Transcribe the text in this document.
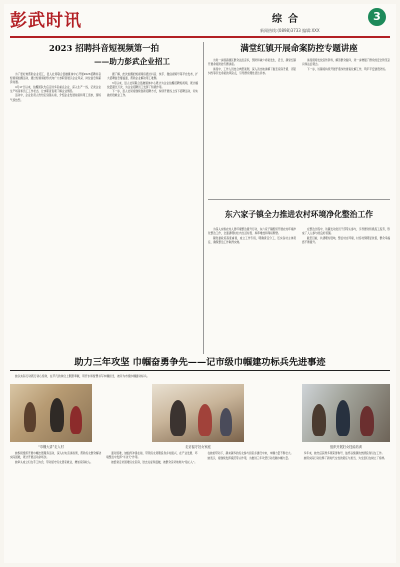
彭武时讯	综合	3
新闻热线:(0898)3733 编辑:XXX
2023 招聘抖音短视频第一拍
——助力彭武企业招工

为了更好地帮助企业招工，县人社局联合县融媒体中心开展2023招聘抖音短视频拍摄活动，通过短视频的形式向广大求职者展示企业风采、岗位信息和薪资待遇。

4月17日以来，拍摄团队先后走进多家重点企业，深入生产一线，记录企业生产场景和员工工作状态，让求职者直观了解企业情况。

活动中，企业负责人纷纷走到镜头前，介绍企业发展前景和用工需求，现场气氛热烈。

据了解，此次拍摄的短视频将通过抖音、快手、微信视频号等平台发布，扩大招聘信息覆盖面，帮助企业解决用工难题。

3月以来，县人社局联合县融媒体中心累计为企业拍摄招聘短视频，累计播放量超过万次，为企业招聘员工发挥了积极作用。

下一步，县人社局将继续创新招聘方式，持续开展线上线下招聘活动，切实做好稳就业工作。

满堂红镇开展命案防控专题讲座

为进一步提高辖区群众法治意识，预防和减少命案发生，近日，满堂红镇开展命案防控专题讲座。

讲座中，工作人员结合典型案例，深入浅出地讲解了婚恋家庭矛盾、邻里纠纷等引发命案的风险点，引导群众理性表达诉求。

讲座现场发放宣传资料，解答群众疑问，进一步增强了群众的安全防范意识和法治观念。

下一步，该镇将持续开展矛盾纠纷排查化解工作，筑牢平安建设防线。

东六家子镇全力推进农村环境净化整治工作

为深入实施农村人居环境整治提升行动，东六家子镇组织开展农村环境净化整治工作，全面清理村庄内生活垃圾、柴草堆放和残垣断壁。

镇党委政府高度重视，成立工作专班，明确责任分工，压实各村主体责任，确保整治工作取得实效。

在整治过程中，该镇发动党员干部带头参与，引导群众积极投工投劳，形成了人人参与的良好氛围。

截至目前，共清理垃圾吨，整治村庄环境，村容村貌明显改善，群众幸福感不断提升。

助力三年攻坚 巾帼奋勇争先——记市级巾帼建功标兵先进事迹
她以实际行动践行初心使命，在平凡的岗位上默默奉献，用汗水和智慧书写巾帼担当，被评为市级巾帼建功标兵。
“巾帼大讲”走入村	走访留守妇女家庭	组织开展妇女技能培训

她积极组织开展巾帼志愿服务活动，深入村屯宣讲政策，帮助妇女群众解决实际困难，累计开展活动余场次。

她牵头成立妇女手工协会，带动留守妇女居家就业，增加家庭收入。

面对困难，她始终冲锋在前，带领妇女同胞投身乡村振兴，在产业发展、环境整治中发挥“半边天”作用。

她经常走访困难妇女家庭，送去关爱和温暖，被群众亲切地称为“贴心人”。

在她的带动下，越来越多的妇女参与到家乡建设中来，巾帼力量不断壮大。

她表示，将继续发挥模范带头作用，为推进三年攻坚行动贡献巾帼力量。

多年来，她先后获得多项荣誉称号，始终以饱满的热情投身妇女工作。

她用实际行动诠释了新时代女性的责任与担当，为全县妇女树立了榜样。
